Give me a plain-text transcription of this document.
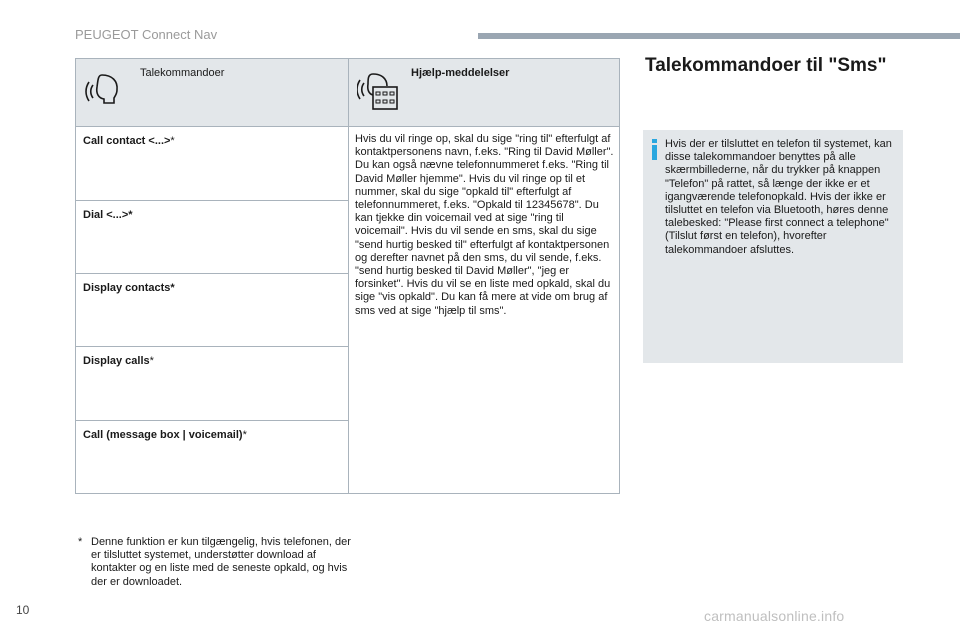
PEUGEOT Connect Nav
Talekommandoer	Hjælp-meddelelser
Call contact <...>*
Dial <...>*
Display contacts*
Display calls*
Call (message box | voicemail)*
Hvis du vil ringe op, skal du sige "ring til" efterfulgt af kontaktpersonens navn, f.eks. "Ring til David Møller". Du kan også nævne telefonnummeret f.eks. "Ring til David Møller hjemme". Hvis du vil ringe op til et nummer, skal du sige "opkald til" efterfulgt af telefonnummeret, f.eks. "Opkald til 12345678". Du kan tjekke din voicemail ved at sige "ring til voicemail". Hvis du vil sende en sms, skal du sige "send hurtig besked til" efterfulgt af kontaktpersonen og derefter navnet på den sms, du vil sende, f.eks. "send hurtig besked til David Møller", "jeg er forsinket". Hvis du vil se en liste med opkald, skal du sige "vis opkald". Du kan få mere at vide om brug af sms ved at sige "hjælp til sms".
Talekommandoer til "Sms"
Hvis der er tilsluttet en telefon til systemet, kan disse talekommandoer benyttes på alle skærmbillederne, når du trykker på knappen "Telefon" på rattet, så længe der ikke er et igangværende telefonopkald. Hvis der ikke er tilsluttet en telefon via Bluetooth, høres denne talebesked: "Please first connect a telephone" (Tilslut først en telefon), hvorefter talekommandoer afsluttes.
* Denne funktion er kun tilgængelig, hvis telefonen, der er tilsluttet systemet, understøtter download af kontakter og en liste med de seneste opkald, og hvis der er downloadet.
10	carmanualsonline.info
